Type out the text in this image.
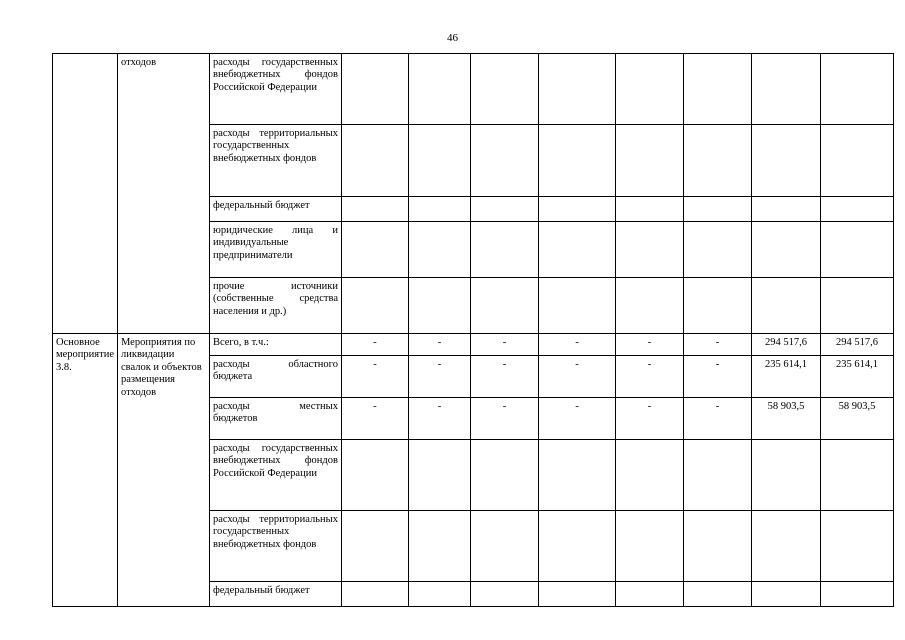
46
	отходов	расходы государственных внебюджетных фондов Российской Федерации								
		расходы территориальных государственных внебюджетных фондов								
		федеральный бюджет								
		юридические лица и индивидуальные предприниматели								
		прочие источники (собственные средства населения и др.)								
Основное мероприятие 3.8.	Мероприятия по ликвидации свалок и объектов размещения отходов	Всего, в т.ч.:	-	-	-	-	-	-	294 517,6	294 517,6
		расходы областного бюджета	-	-	-	-	-	-	235 614,1	235 614,1
		расходы местных бюджетов	-	-	-	-	-	-	58 903,5	58 903,5
		расходы государственных внебюджетных фондов Российской Федерации								
		расходы территориальных государственных внебюджетных фондов								
		федеральный бюджет								
